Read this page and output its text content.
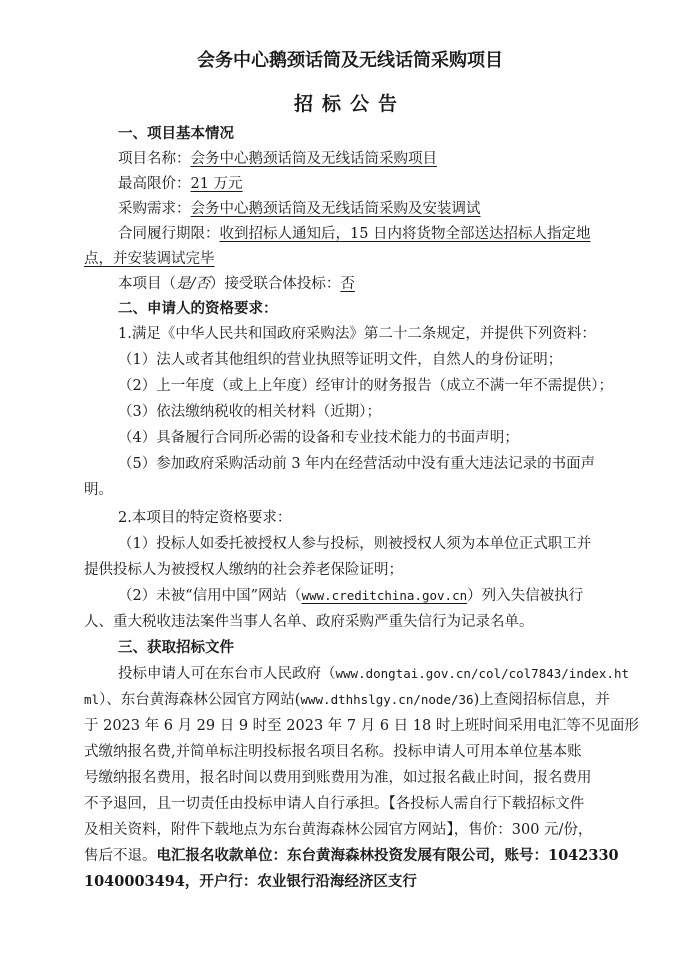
会务中心鹅颈话筒及无线话筒采购项目
招标公告
一、项目基本情况
项目名称：会务中心鹅颈话筒及无线话筒采购项目
最高限价：21 万元
采购需求：会务中心鹅颈话筒及无线话筒采购及安装调试
合同履行期限：收到招标人通知后，15 日内将货物全部送达招标人指定地
点，并安装调试完毕
本项目（是/否）接受联合体投标：否
二、申请人的资格要求：
1.满足《中华人民共和国政府采购法》第二十二条规定，并提供下列资料：
（1）法人或者其他组织的营业执照等证明文件，自然人的身份证明；
（2）上一年度（或上上年度）经审计的财务报告（成立不满一年不需提供）；
（3）依法缴纳税收的相关材料（近期）；
（4）具备履行合同所必需的设备和专业技术能力的书面声明；
（5）参加政府采购活动前 3 年内在经营活动中没有重大违法记录的书面声
明。
2.本项目的特定资格要求：
（1）投标人如委托被授权人参与投标，则被授权人须为本单位正式职工并
提供投标人为被授权人缴纳的社会养老保险证明；
（2）未被“信用中国”网站（www.creditchina.gov.cn）列入失信被执行
人、重大税收违法案件当事人名单、政府采购严重失信行为记录名单。
三、获取招标文件
投标申请人可在东台市人民政府（www.dongtai.gov.cn/col/col7843/index.ht
ml）、东台黄海森林公园官方网站(www.dthhslgy.cn/node/36)上查阅招标信息，并
于 2023 年 6 月 29 日 9 时至 2023 年 7 月 6 日 18 时上班时间采用电汇等不见面形
式缴纳报名费,并简单标注明投标报名项目名称。投标申请人可用本单位基本账
号缴纳报名费用，报名时间以费用到账费用为准，如过报名截止时间，报名费用
不予退回，且一切责任由投标申请人自行承担。【各投标人需自行下载招标文件
及相关资料，附件下载地点为东台黄海森林公园官方网站】，售价：300 元/份，
售后不退。电汇报名收款单位：东台黄海森林投资发展有限公司，账号：1042330
1040003494，开户行：农业银行沿海经济区支行
